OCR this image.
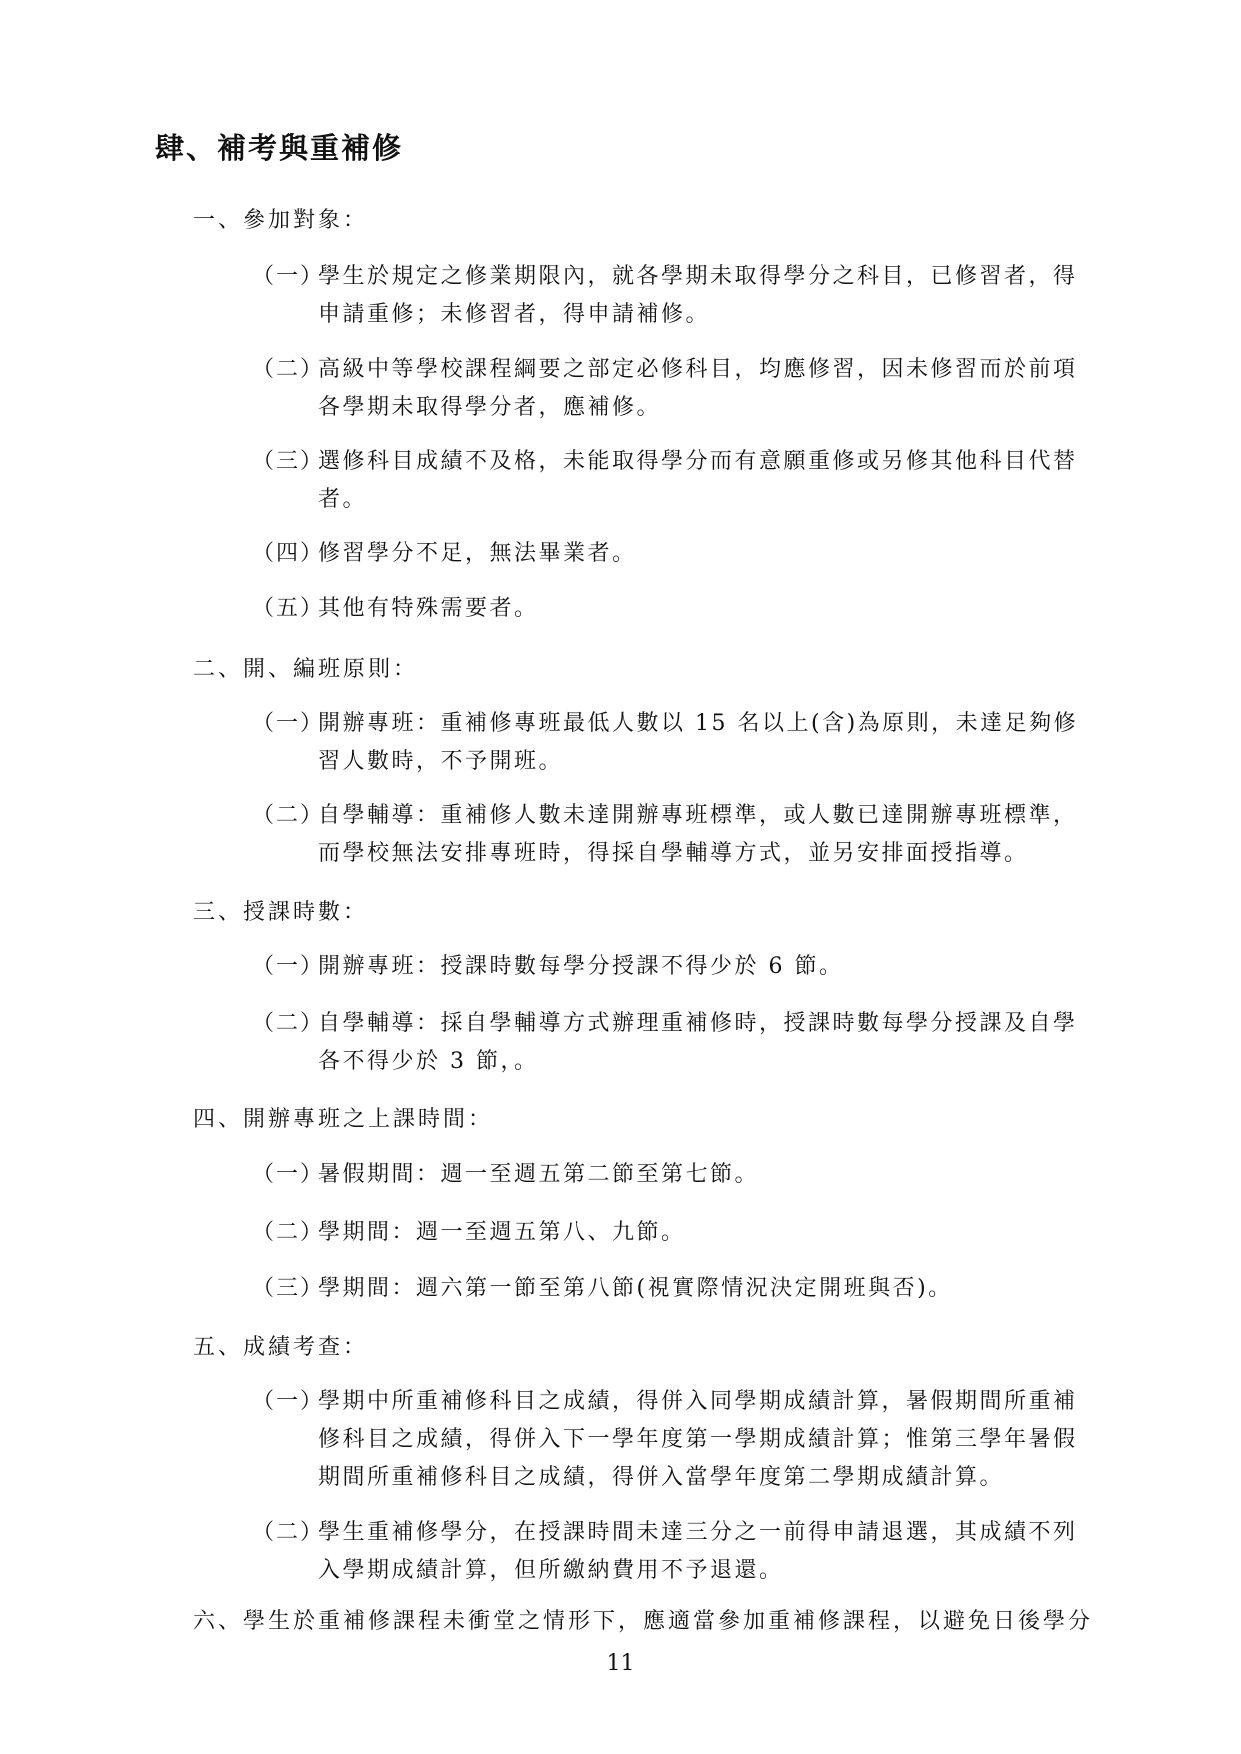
肆、補考與重補修
一、參加對象：
（一）
學生於規定之修業期限內，就各學期未取得學分之科目，已修習者，得
申請重修；未修習者，得申請補修。
（二）
高級中等學校課程綱要之部定必修科目，均應修習，因未修習而於前項
各學期未取得學分者，應補修。
（三）
選修科目成績不及格，未能取得學分而有意願重修或另修其他科目代替
者。
（四）
修習學分不足，無法畢業者。
（五）
其他有特殊需要者。
二、開、編班原則：
（一）
開辦專班：重補修專班最低人數以 15 名以上(含)為原則，未達足夠修
習人數時，不予開班。
（二）
自學輔導：重補修人數未達開辦專班標準，或人數已達開辦專班標準，
而學校無法安排專班時，得採自學輔導方式，並另安排面授指導。
三、授課時數：
（一）
開辦專班：授課時數每學分授課不得少於 6 節。
（二）
自學輔導：採自學輔導方式辦理重補修時，授課時數每學分授課及自學
各不得少於 3 節，。
四、開辦專班之上課時間：
（一）
暑假期間：週一至週五第二節至第七節。
（二）
學期間：週一至週五第八、九節。
（三）
學期間：週六第一節至第八節(視實際情況決定開班與否)。
五、成績考查：
（一）
學期中所重補修科目之成績，得併入同學期成績計算，暑假期間所重補
修科目之成績，得併入下一學年度第一學期成績計算；惟第三學年暑假
期間所重補修科目之成績，得併入當學年度第二學期成績計算。
（二）
學生重補修學分，在授課時間未達三分之一前得申請退選，其成績不列
入學期成績計算，但所繳納費用不予退還。
六、學生於重補修課程未衝堂之情形下，應適當參加重補修課程，以避免日後學分
11
